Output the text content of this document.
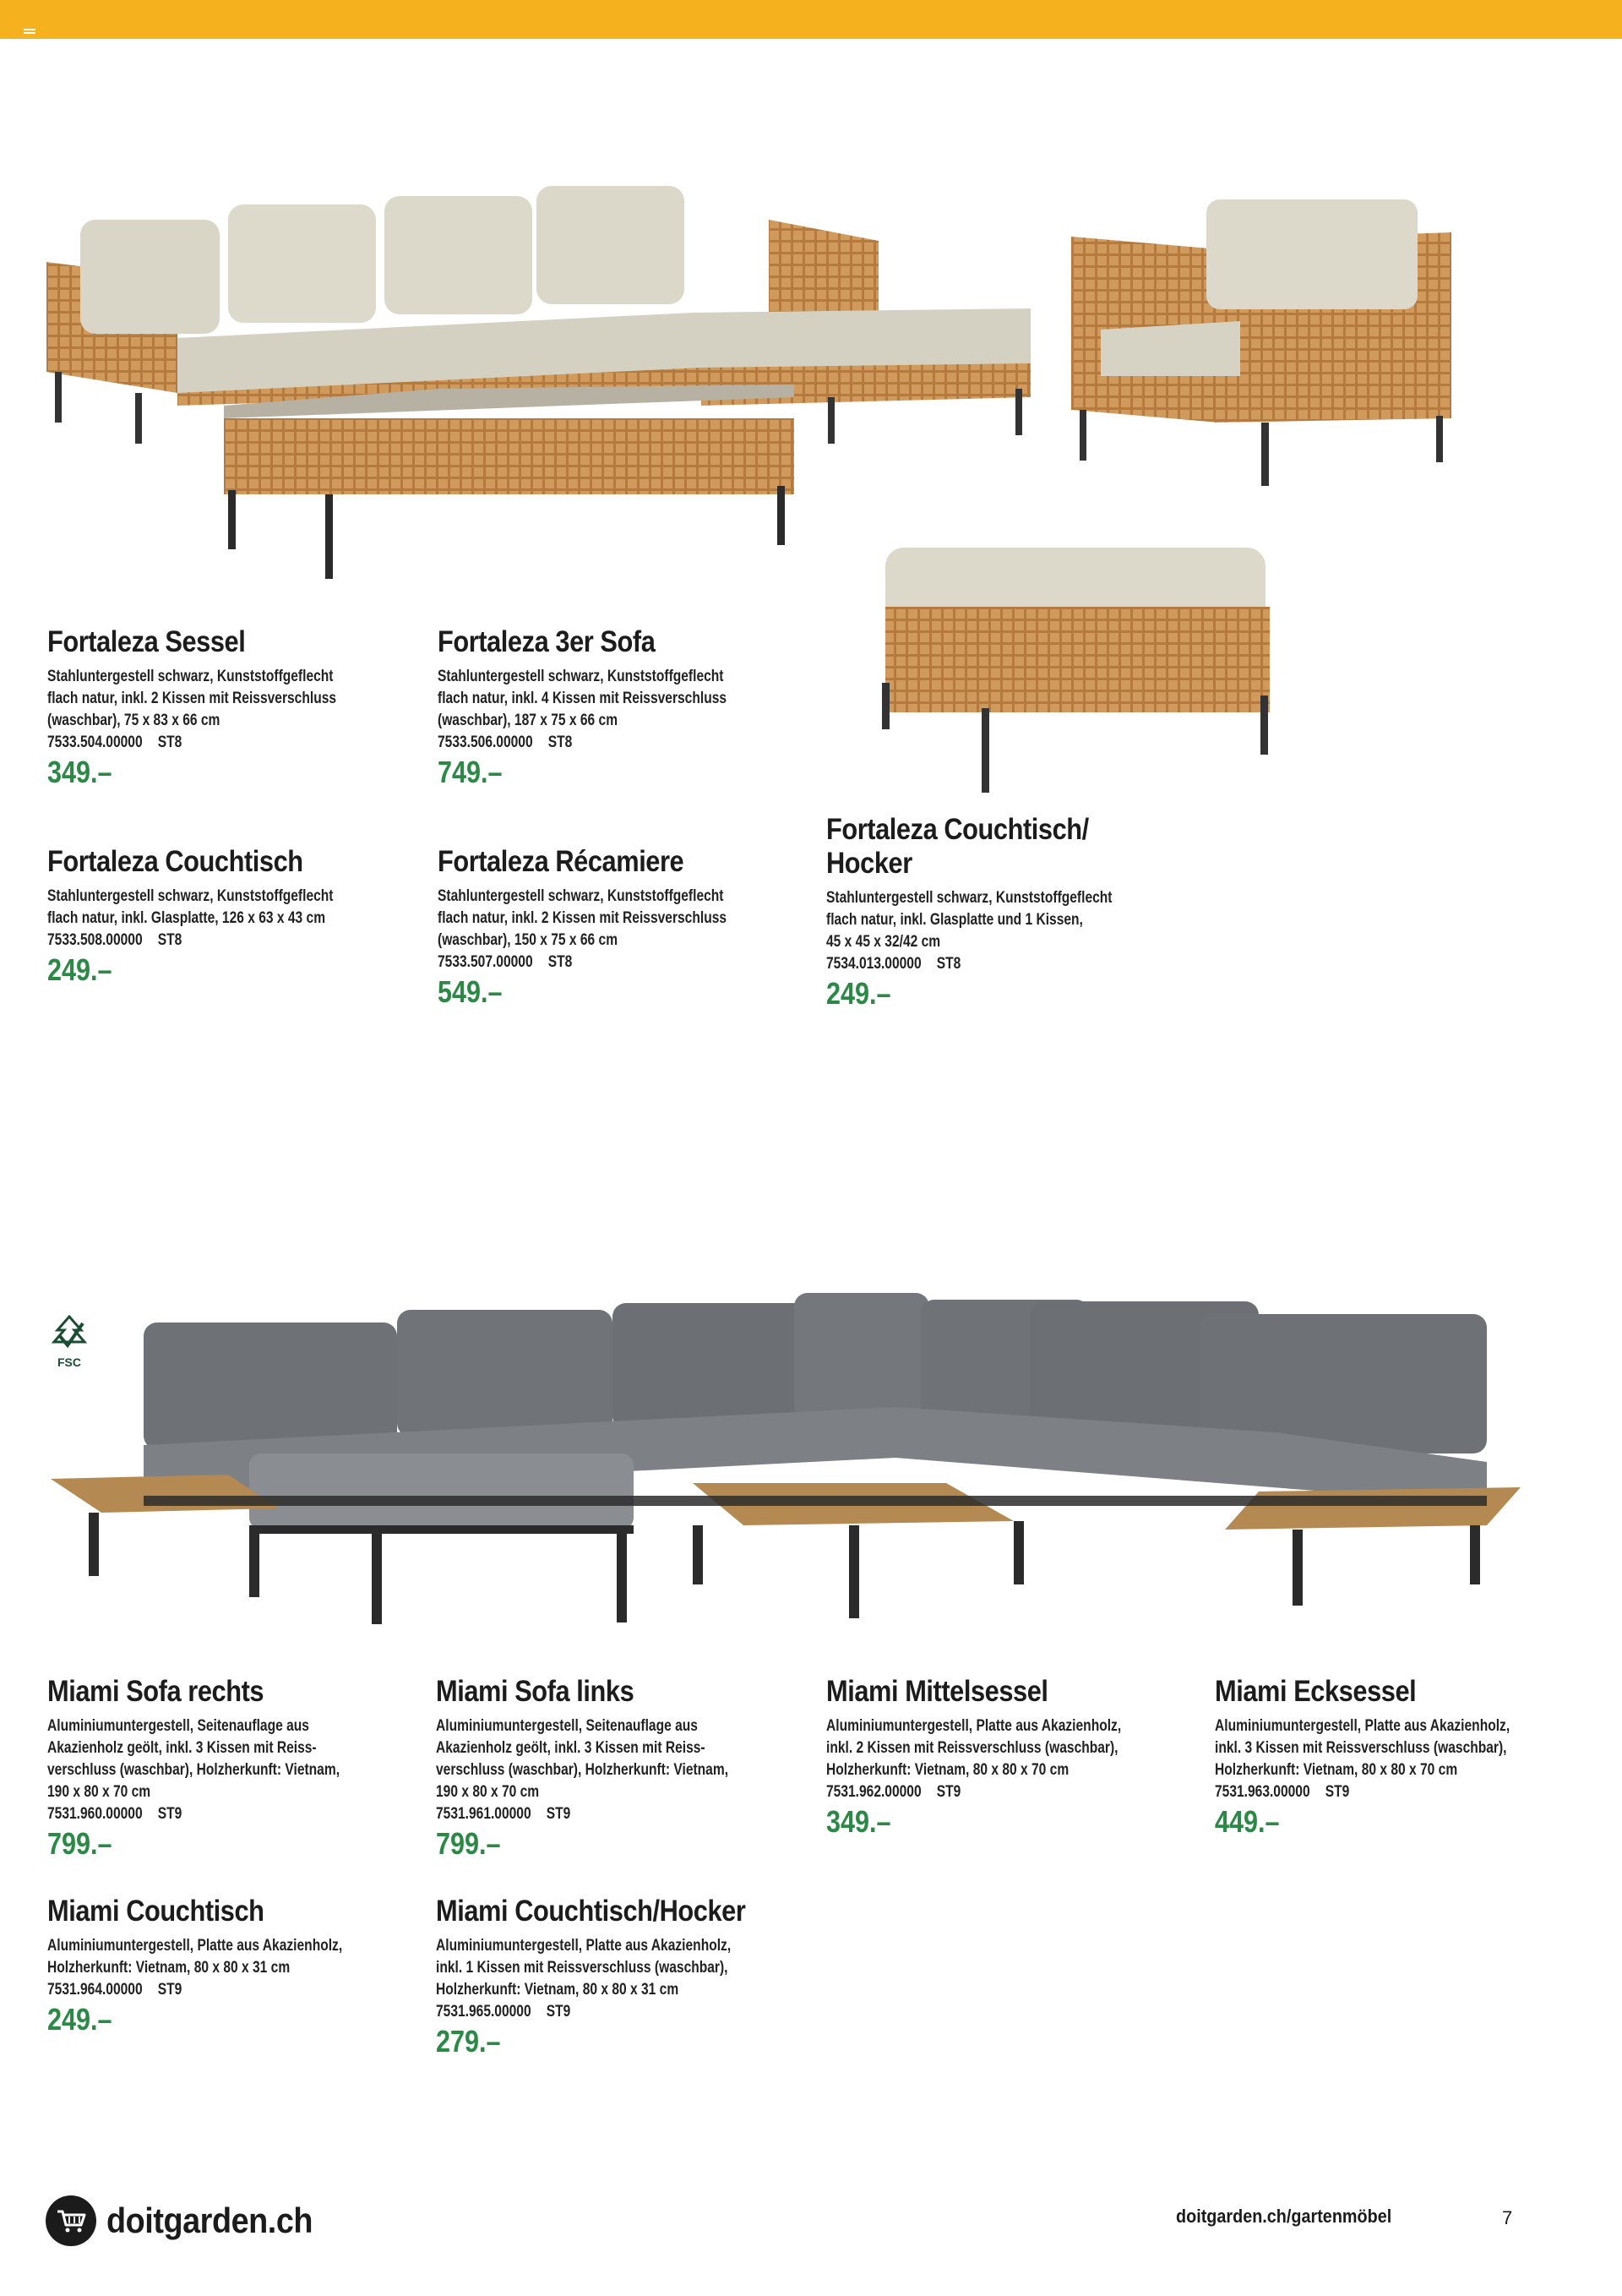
FSC
Fortaleza Sessel
Stahluntergestell schwarz, Kunststoffgeflecht
flach natur, inkl. 2 Kissen mit Reissverschluss
(waschbar), 75 x 83 x 66 cm
7533.504.00000 ST8
349.–
Fortaleza 3er Sofa
Stahluntergestell schwarz, Kunststoffgeflecht
flach natur, inkl. 4 Kissen mit Reissverschluss
(waschbar), 187 x 75 x 66 cm
7533.506.00000 ST8
749.–
Fortaleza Couchtisch
Stahluntergestell schwarz, Kunststoffgeflecht
flach natur, inkl. Glasplatte, 126 x 63 x 43 cm
7533.508.00000 ST8
249.–
Fortaleza Récamiere
Stahluntergestell schwarz, Kunststoffgeflecht
flach natur, inkl. 2 Kissen mit Reissverschluss
(waschbar), 150 x 75 x 66 cm
7533.507.00000 ST8
549.–
Fortaleza Couchtisch/
Hocker
Stahluntergestell schwarz, Kunststoffgeflecht
flach natur, inkl. Glasplatte und 1 Kissen,
45 x 45 x 32/42 cm
7534.013.00000 ST8
249.–
Miami Sofa rechts
Aluminiumuntergestell, Seitenauflage aus
Akazienholz geölt, inkl. 3 Kissen mit Reiss-
verschluss (waschbar), Holzherkunft: Vietnam,
190 x 80 x 70 cm
7531.960.00000 ST9
799.–
Miami Sofa links
Aluminiumuntergestell, Seitenauflage aus
Akazienholz geölt, inkl. 3 Kissen mit Reiss-
verschluss (waschbar), Holzherkunft: Vietnam,
190 x 80 x 70 cm
7531.961.00000 ST9
799.–
Miami Mittelsessel
Aluminiumuntergestell, Platte aus Akazienholz,
inkl. 2 Kissen mit Reissverschluss (waschbar),
Holzherkunft: Vietnam, 80 x 80 x 70 cm
7531.962.00000 ST9
349.–
Miami Ecksessel
Aluminiumuntergestell, Platte aus Akazienholz,
inkl. 3 Kissen mit Reissverschluss (waschbar),
Holzherkunft: Vietnam, 80 x 80 x 70 cm
7531.963.00000 ST9
449.–
Miami Couchtisch
Aluminiumuntergestell, Platte aus Akazienholz,
Holzherkunft: Vietnam, 80 x 80 x 31 cm
7531.964.00000 ST9
249.–
Miami Couchtisch/Hocker
Aluminiumuntergestell, Platte aus Akazienholz,
inkl. 1 Kissen mit Reissverschluss (waschbar),
Holzherkunft: Vietnam, 80 x 80 x 31 cm
7531.965.00000 ST9
279.–
doitgarden.ch	doitgarden.ch/gartenmöbel	7
